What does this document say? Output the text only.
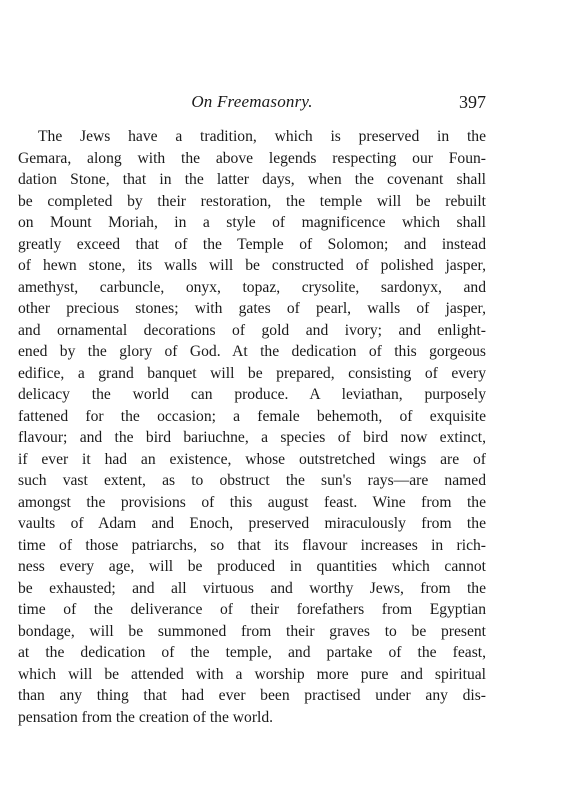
On Freemasonry.	397
The Jews have a tradition, which is preserved in the
Gemara, along with the above legends respecting our Foun-
dation Stone, that in the latter days, when the covenant shall
be completed by their restoration, the temple will be rebuilt
on Mount Moriah, in a style of magnificence which shall
greatly exceed that of the Temple of Solomon; and instead
of hewn stone, its walls will be constructed of polished jasper,
amethyst, carbuncle, onyx, topaz, crysolite, sardonyx, and
other precious stones; with gates of pearl, walls of jasper,
and ornamental decorations of gold and ivory; and enlight-
ened by the glory of God. At the dedication of this gorgeous
edifice, a grand banquet will be prepared, consisting of every
delicacy the world can produce. A leviathan, purposely
fattened for the occasion; a female behemoth, of exquisite
flavour; and the bird bariuchne, a species of bird now extinct,
if ever it had an existence, whose outstretched wings are of
such vast extent, as to obstruct the sun's rays—are named
amongst the provisions of this august feast. Wine from the
vaults of Adam and Enoch, preserved miraculously from the
time of those patriarchs, so that its flavour increases in rich-
ness every age, will be produced in quantities which cannot
be exhausted; and all virtuous and worthy Jews, from the
time of the deliverance of their forefathers from Egyptian
bondage, will be summoned from their graves to be present
at the dedication of the temple, and partake of the feast,
which will be attended with a worship more pure and spiritual
than any thing that had ever been practised under any dis-
pensation from the creation of the world.
